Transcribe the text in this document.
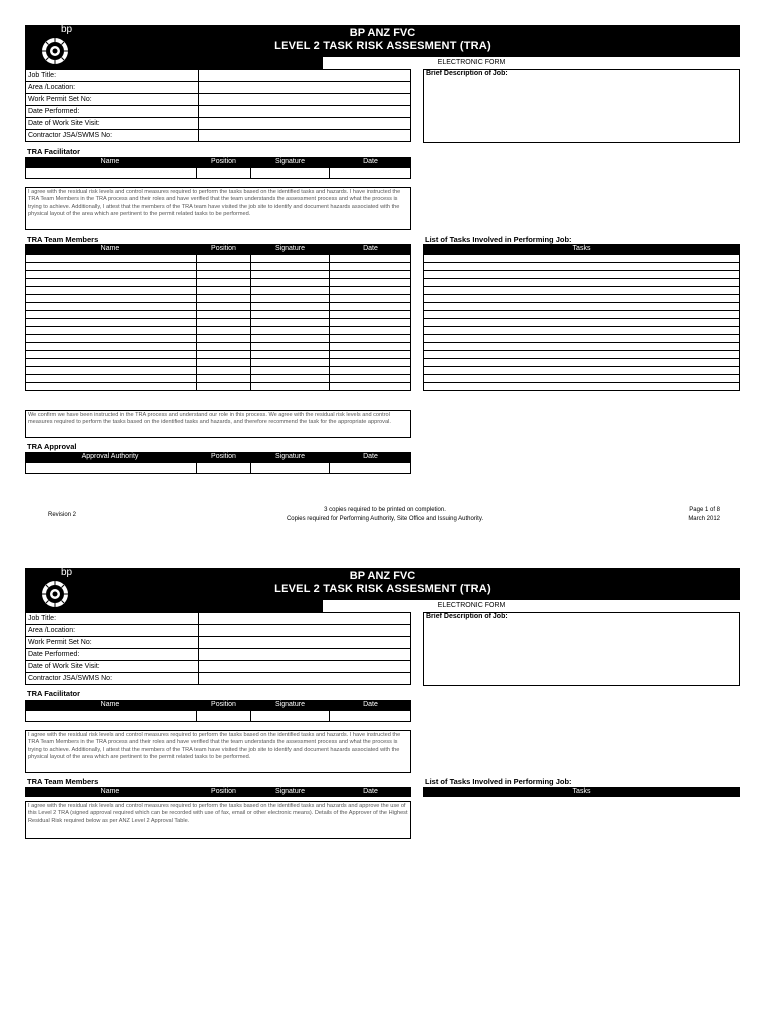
bp	BP ANZ FVC
LEVEL 2 TASK RISK ASSESMENT (TRA)
ELECTRONIC FORM
Job Title:	
Area /Location:	
Work Permit Set No:	
Date Performed:	
Date of Work Site Visit:	
Contractor JSA/SWMS No:	
Brief Description of Job:
TRA Facilitator
Name	Position	Signature	Date

I agree with the residual risk levels and control measures required to perform the tasks based on the identified tasks and hazards. I have instructed the TRA Team Members in the TRA process and their roles and have verified that the team understands the assessment process and what the process is trying to achieve. Additionally, I attest that the members of the TRA team have visited the job site to identify and document hazards associated with the physical layout of the area which are pertinent to the permit related tasks to be performed.
TRA Team Members
Name	Position	Signature	Date

We confirm we have been instructed in the TRA process and understand our role in this process. We agree with the residual risk levels and control measures required to perform the tasks based on the identified tasks and hazards, and therefore recommend the task for the appropriate approval.
List of Tasks Involved in Performing Job:
Tasks

TRA Approval
Approval Authority	Position	Signature	Date

Revision 2
3 copies required to be printed on completion.
Copies required for Performing Authority, Site Office and Issuing Authority.
Page 1 of 8
March 2012
bp	BP ANZ FVC
LEVEL 2 TASK RISK ASSESMENT (TRA)
ELECTRONIC FORM
Job Title:	
Area /Location:	
Work Permit Set No:	
Date Performed:	
Date of Work Site Visit:	
Contractor JSA/SWMS No:	
Brief Description of Job:
TRA Facilitator
Name	Position	Signature	Date

I agree with the residual risk levels and control measures required to perform the tasks based on the identified tasks and hazards. I have instructed the TRA Team Members in the TRA process and their roles and have verified that the team understands the assessment process and what the process is trying to achieve. Additionally, I attest that the members of the TRA team have visited the job site to identify and document hazards associated with the physical layout of the area which are pertinent to the permit related tasks to be performed.
TRA Team Members
Name	Position	Signature	Date
I agree with the residual risk levels and control measures required to perform the tasks based on the identified tasks and hazards and approve the use of this Level 2 TRA (signed approval required which can be recorded with use of fax, email or other electronic means). Details of the Approver of the Highest Residual Risk required below as per ANZ Level 2 Approval Table.
List of Tasks Involved in Performing Job:
Tasks
